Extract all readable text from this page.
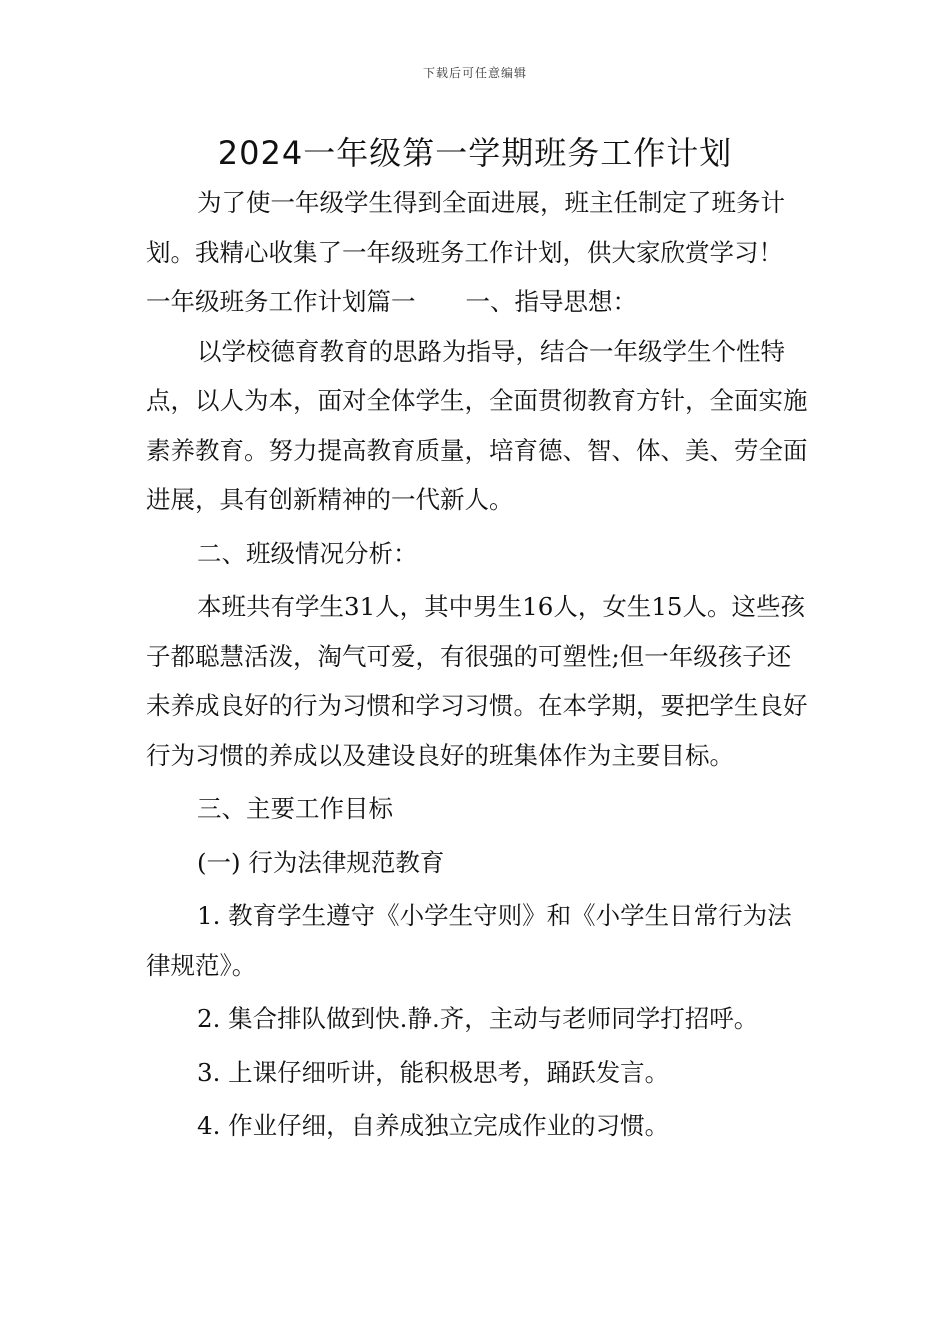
下载后可任意编辑
2024一年级第一学期班务工作计划

为了使一年级学生得到全面进展，班主任制定了班务计划。我精心收集了一年级班务工作计划，供大家欣赏学习！

一年级班务工作计划篇一 一、指导思想：

以学校德育教育的思路为指导，结合一年级学生个性特点，以人为本，面对全体学生，全面贯彻教育方针，全面实施素养教育。努力提高教育质量，培育德、智、体、美、劳全面进展，具有创新精神的一代新人。

二、班级情况分析：

本班共有学生31人，其中男生16人，女生15人。这些孩子都聪慧活泼，淘气可爱，有很强的可塑性;但一年级孩子还未养成良好的行为习惯和学习习惯。在本学期，要把学生良好行为习惯的养成以及建设良好的班集体作为主要目标。

三、主要工作目标

(一) 行为法律规范教育

1. 教育学生遵守《小学生守则》和《小学生日常行为法律规范》。

2. 集合排队做到快.静.齐，主动与老师同学打招呼。

3. 上课仔细听讲，能积极思考，踊跃发言。

4. 作业仔细，自养成独立完成作业的习惯。
